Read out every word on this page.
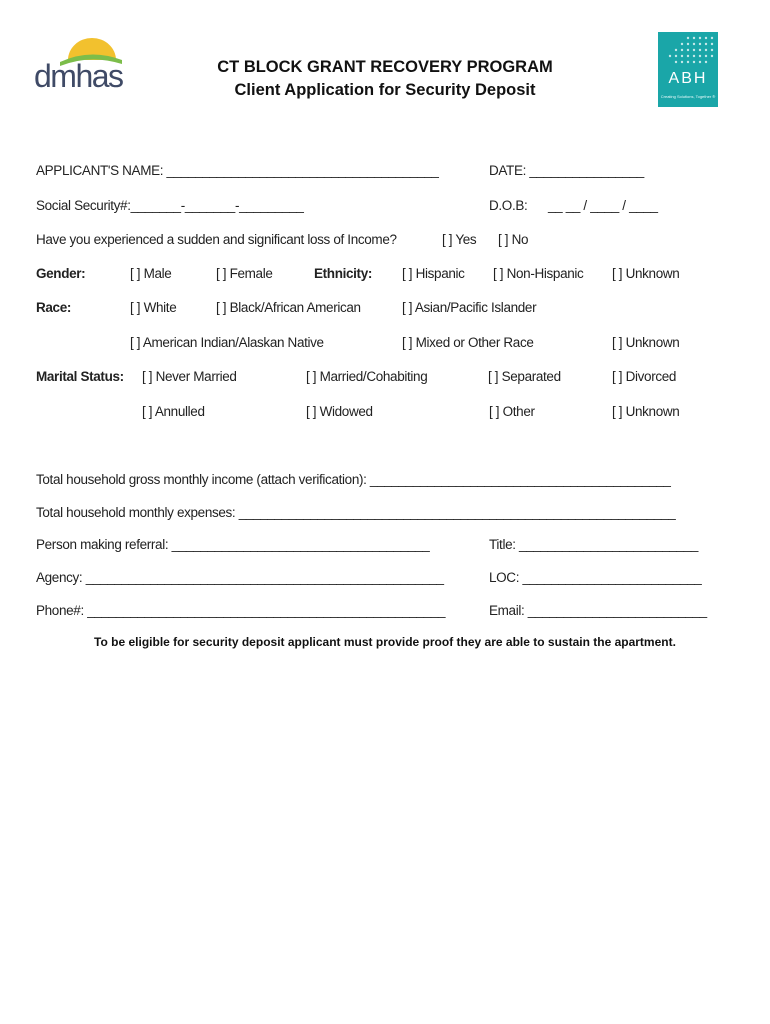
dmhas	ABH
Creating Solutions, Together ®
CT BLOCK GRANT RECOVERY PROGRAM
Client Application for Security Deposit
APPLICANT'S NAME: ______________________________________	DATE: ________________
Social Security#:_______-_______-_________	D.O.B: __ __ / ____ / ____
Have you experienced a sudden and significant loss of Income?	[ ] Yes [ ] No
Gender:	[ ] Male	[ ] Female	Ethnicity: [ ] Hispanic [ ] Non-Hispanic [ ] Unknown
Race:	[ ] White	[ ] Black/African American	[ ] Asian/Pacific Islander
[ ] American Indian/Alaskan Native	[ ] Mixed or Other Race	[ ] Unknown
Marital Status: [ ] Never Married	[ ] Married/Cohabiting	[ ] Separated	[ ] Divorced
[ ] Annulled	[ ] Widowed	[ ] Other	[ ] Unknown
Total household gross monthly income (attach verification): __________________________________________
Total household monthly expenses: _____________________________________________________________
Person making referral: ____________________________________	Title: _________________________
Agency: __________________________________________________	LOC: _________________________
Phone#: __________________________________________________	Email: _________________________
To be eligible for security deposit applicant must provide proof they are able to sustain the apartment.
